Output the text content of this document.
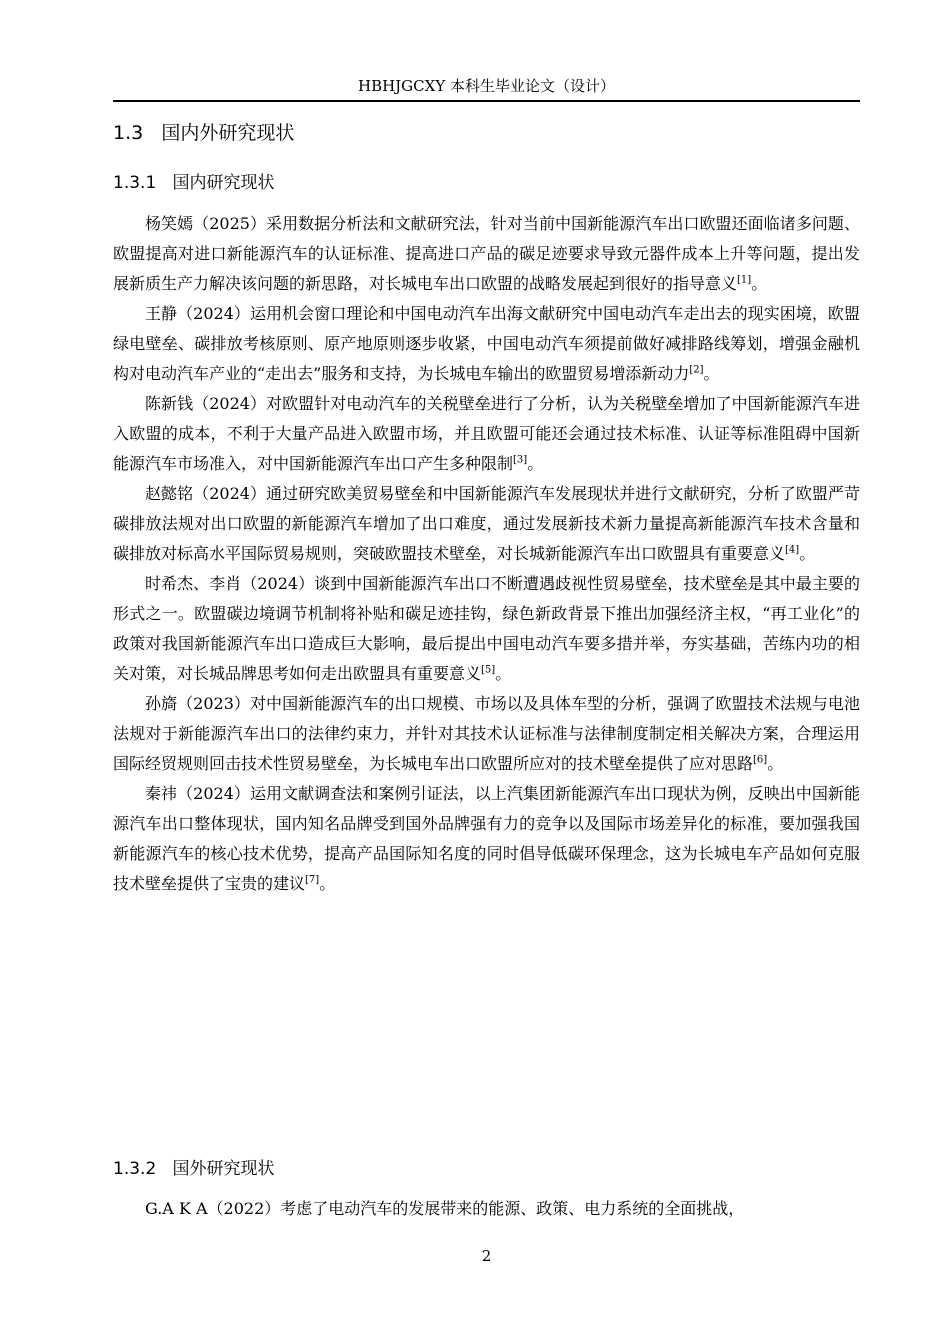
HBHJGCXY 本科生毕业论文（设计）
1.3 国内外研究现状
1.3.1 国内研究现状

杨笑嫣（2025）采用数据分析法和文献研究法，针对当前中国新能源汽车出口欧盟还面临诸多问题、欧盟提高对进口新能源汽车的认证标准、提高进口产品的碳足迹要求导致元器件成本上升等问题，提出发展新质生产力解决该问题的新思路，对长城电车出口欧盟的战略发展起到很好的指导意义[1]。

王静（2024）运用机会窗口理论和中国电动汽车出海文献研究中国电动汽车走出去的现实困境，欧盟绿电壁垒、碳排放考核原则、原产地原则逐步收紧，中国电动汽车须提前做好减排路线筹划，增强金融机构对电动汽车产业的“走出去”服务和支持，为长城电车输出的欧盟贸易增添新动力[2]。

陈新钱（2024）对欧盟针对电动汽车的关税壁垒进行了分析，认为关税壁垒增加了中国新能源汽车进入欧盟的成本，不利于大量产品进入欧盟市场，并且欧盟可能还会通过技术标准、认证等标准阻碍中国新能源汽车市场准入，对中国新能源汽车出口产生多种限制[3]。

赵懿铭（2024）通过研究欧美贸易壁垒和中国新能源汽车发展现状并进行文献研究，分析了欧盟严苛碳排放法规对出口欧盟的新能源汽车增加了出口难度，通过发展新技术新力量提高新能源汽车技术含量和碳排放对标高水平国际贸易规则，突破欧盟技术壁垒，对长城新能源汽车出口欧盟具有重要意义[4]。

时希杰、李肖（2024）谈到中国新能源汽车出口不断遭遇歧视性贸易壁垒，技术壁垒是其中最主要的形式之一。欧盟碳边境调节机制将补贴和碳足迹挂钩，绿色新政背景下推出加强经济主权，“再工业化”的政策对我国新能源汽车出口造成巨大影响，最后提出中国电动汽车要多措并举，夯实基础，苦练内功的相关对策，对长城品牌思考如何走出欧盟具有重要意义[5]。

孙旖（2023）对中国新能源汽车的出口规模、市场以及具体车型的分析，强调了欧盟技术法规与电池法规对于新能源汽车出口的法律约束力，并针对其技术认证标准与法律制度制定相关解决方案，合理运用国际经贸规则回击技术性贸易壁垒，为长城电车出口欧盟所应对的技术壁垒提供了应对思路[6]。

秦祎（2024）运用文献调查法和案例引证法，以上汽集团新能源汽车出口现状为例，反映出中国新能源汽车出口整体现状，国内知名品牌受到国外品牌强有力的竞争以及国际市场差异化的标准，要加强我国新能源汽车的核心技术优势，提高产品国际知名度的同时倡导低碳环保理念，这为长城电车产品如何克服技术壁垒提供了宝贵的建议[7]。

1.3.2 国外研究现状

G.A K A（2022）考虑了电动汽车的发展带来的能源、政策、电力系统的全面挑战，

2
